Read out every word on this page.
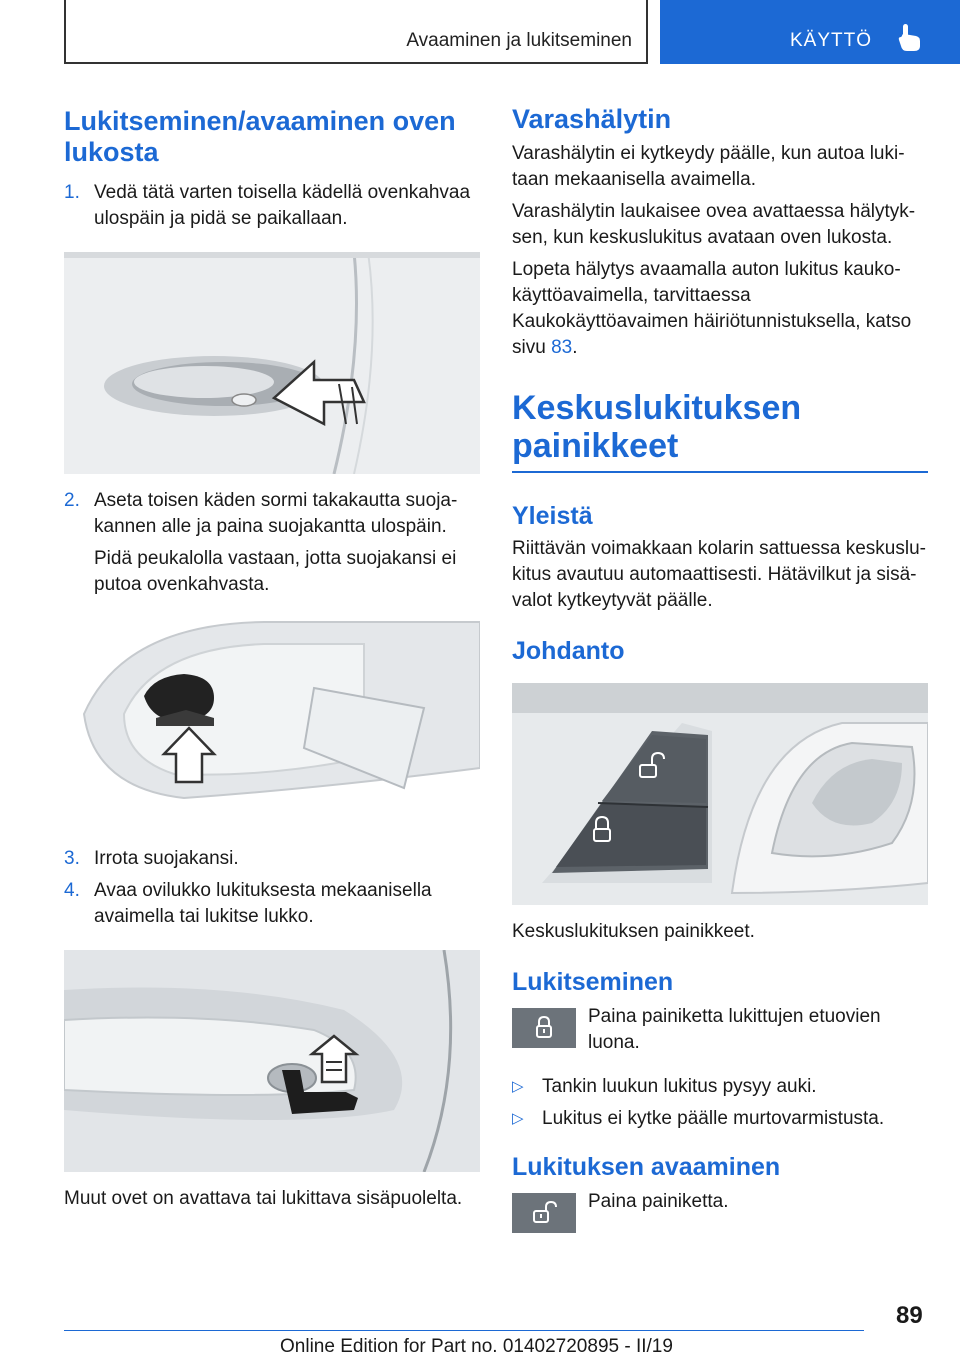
Avaaminen ja lukitseminen	KÄYTTÖ
Lukitseminen/avaaminen oven lukosta
1. Vedä tätä varten toisella kädellä ovenkahvaa ulospäin ja pidä se paikallaan.
2. Aseta toisen käden sormi takakautta suojakannen alle ja paina suojakantta ulospäin.

Pidä peukalolla vastaan, jotta suojakansi ei putoa ovenkahvasta.

3. Irrota suojakansi.
4. Avaa ovilukko lukituksesta mekaanisella avaimella tai lukitse lukko.

Muut ovet on avattava tai lukittava sisäpuolelta.

Varashälytin

Varashälytin ei kytkeydy päälle, kun autoa lukitaan mekaanisella avaimella.

Varashälytin laukaisee ovea avattaessa hälytyksen, kun keskuslukitus avataan oven lukosta.

Lopeta hälytys avaamalla auton lukitus kaukokäyttöavaimella, tarvittaessa Kaukokäyttöavaimen häiriötunnistuksella, katso sivu 83.

Keskuslukituksen painikkeet
Yleistä

Riittävän voimakkaan kolarin sattuessa keskuslukitus avautuu automaattisesti. Hätävilkut ja sisävalot kytkeytyvät päälle.

Johdanto

Keskuslukituksen painikkeet.

Lukitseminen

Paina painiketta lukittujen etuovien luona.

▷ Tankin luukun lukitus pysyy auki.
▷ Lukitus ei kytke päälle murtovarmistusta.
Lukituksen avaaminen

Paina painiketta.

89
Online Edition for Part no. 01402720895 - II/19
